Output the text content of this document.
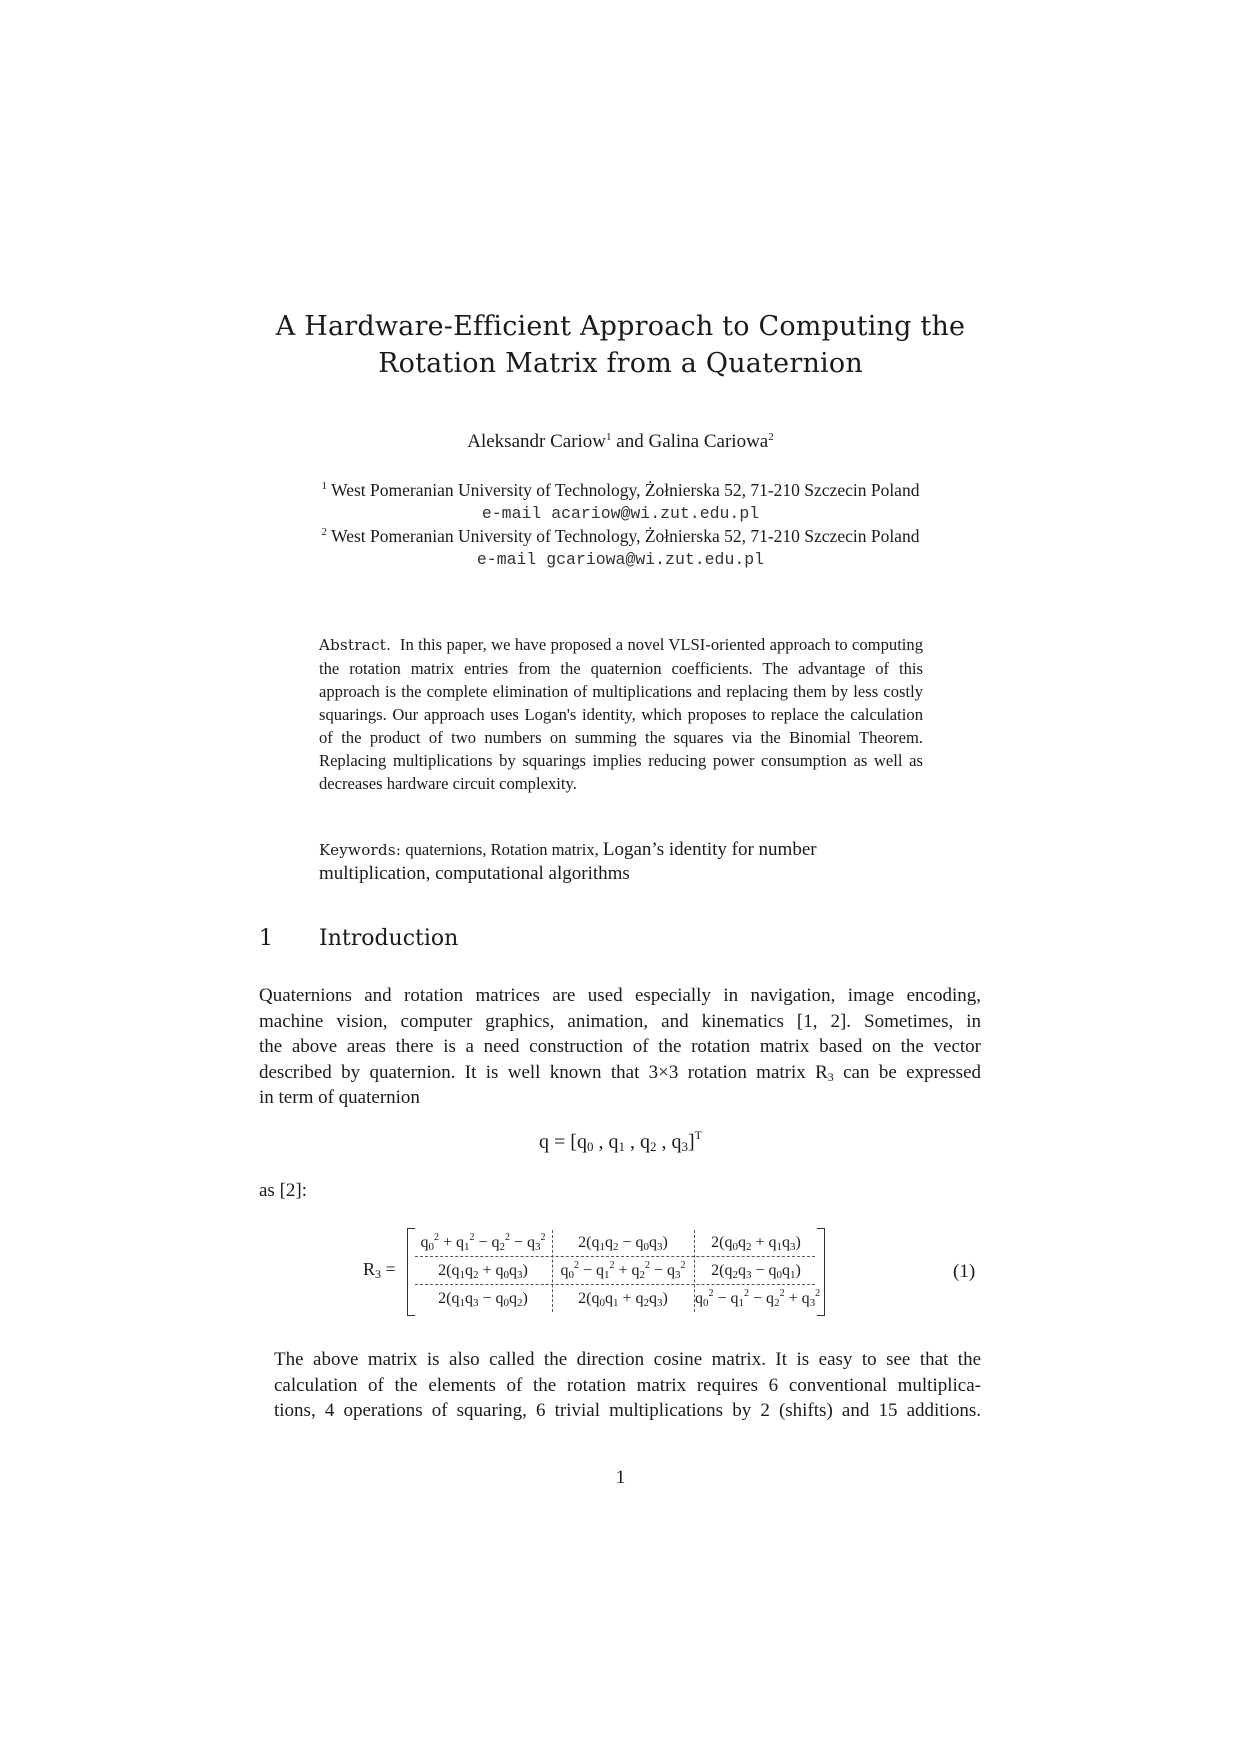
A Hardware-Efficient Approach to Computing the
Rotation Matrix from a Quaternion
Aleksandr Cariow$^1$ and Galina Cariowa$^2$
$^1$ West Pomeranian University of Technology, Żołnierska 52, 71-210 Szczecin Poland
e-mail acariow@wi.zut.edu.pl
$^2$ West Pomeranian University of Technology, Żołnierska 52, 71-210 Szczecin Poland
e-mail gcariowa@wi.zut.edu.pl
Abstract. In this paper, we have proposed a novel VLSI-oriented approach to computing the rotation matrix entries from the quaternion coefficients. The advantage of this approach is the complete elimination of multiplications and replacing them by less costly squarings. Our approach uses Logan's identity, which proposes to replace the calculation of the product of two numbers on summing the squares via the Binomial Theorem. Replacing multiplications by squarings implies reducing power consumption as well as decreases hardware circuit complexity.
Keywords: quaternions, Rotation matrix, Logan’s identity for number multiplication, computational algorithms
1 Introduction
Quaternions and rotation matrices are used especially in navigation, image encoding,
machine vision, computer graphics, animation, and kinematics [1, 2]. Sometimes, in
the above areas there is a need construction of the rotation matrix based on the vector
described by quaternion. It is well known that 3×3 rotation matrix $R_3$ can be expressed
in term of quaternion
$q = [q_0$ , $q_1$ , $q_2$ , $q_3]^T$
as [2]:
$R_3$ =
$q_0^2 + q_1^2 - q_2^2 - q_3^2$	$2(q_1q_2 - q_0q_3)$	$2(q_0q_2 + q_1q_3)$
$2(q_1q_2 + q_0q_3)$	$q_0^2 - q_1^2 + q_2^2 - q_3^2$	$2(q_2q_3 - q_0q_1)$
$2(q_1q_3 - q_0q_2)$	$2(q_0q_1 + q_2q_3)$	$q_0^2 - q_1^2 - q_2^2 + q_3^2$
(1)
The above matrix is also called the direction cosine matrix. It is easy to see that the
calculation of the elements of the rotation matrix requires 6 conventional multiplica-
tions, 4 operations of squaring, 6 trivial multiplications by 2 (shifts) and 15 additions.
1
